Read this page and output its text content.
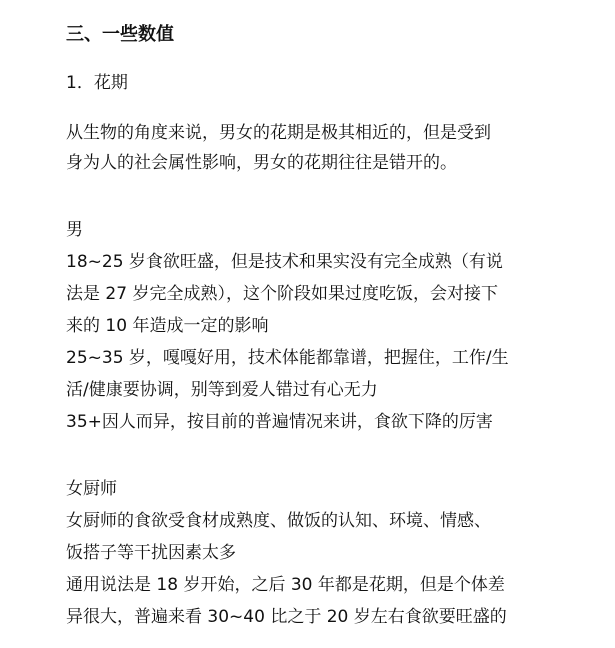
三、一些数值
1．花期
从生物的角度来说，男女的花期是极其相近的，但是受到
身为人的社会属性影响，男女的花期往往是错开的。
男
18~25 岁食欲旺盛，但是技术和果实没有完全成熟（有说
法是 27 岁完全成熟），这个阶段如果过度吃饭，会对接下
来的 10 年造成一定的影响
25~35 岁，嘎嘎好用，技术体能都靠谱，把握住，工作/生
活/健康要协调，别等到爱人错过有心无力
35+因人而异，按目前的普遍情况来讲，食欲下降的厉害
女厨师
女厨师的食欲受食材成熟度、做饭的认知、环境、情感、
饭搭子等干扰因素太多
通用说法是 18 岁开始，之后 30 年都是花期，但是个体差
异很大，普遍来看 30~40 比之于 20 岁左右食欲要旺盛的
